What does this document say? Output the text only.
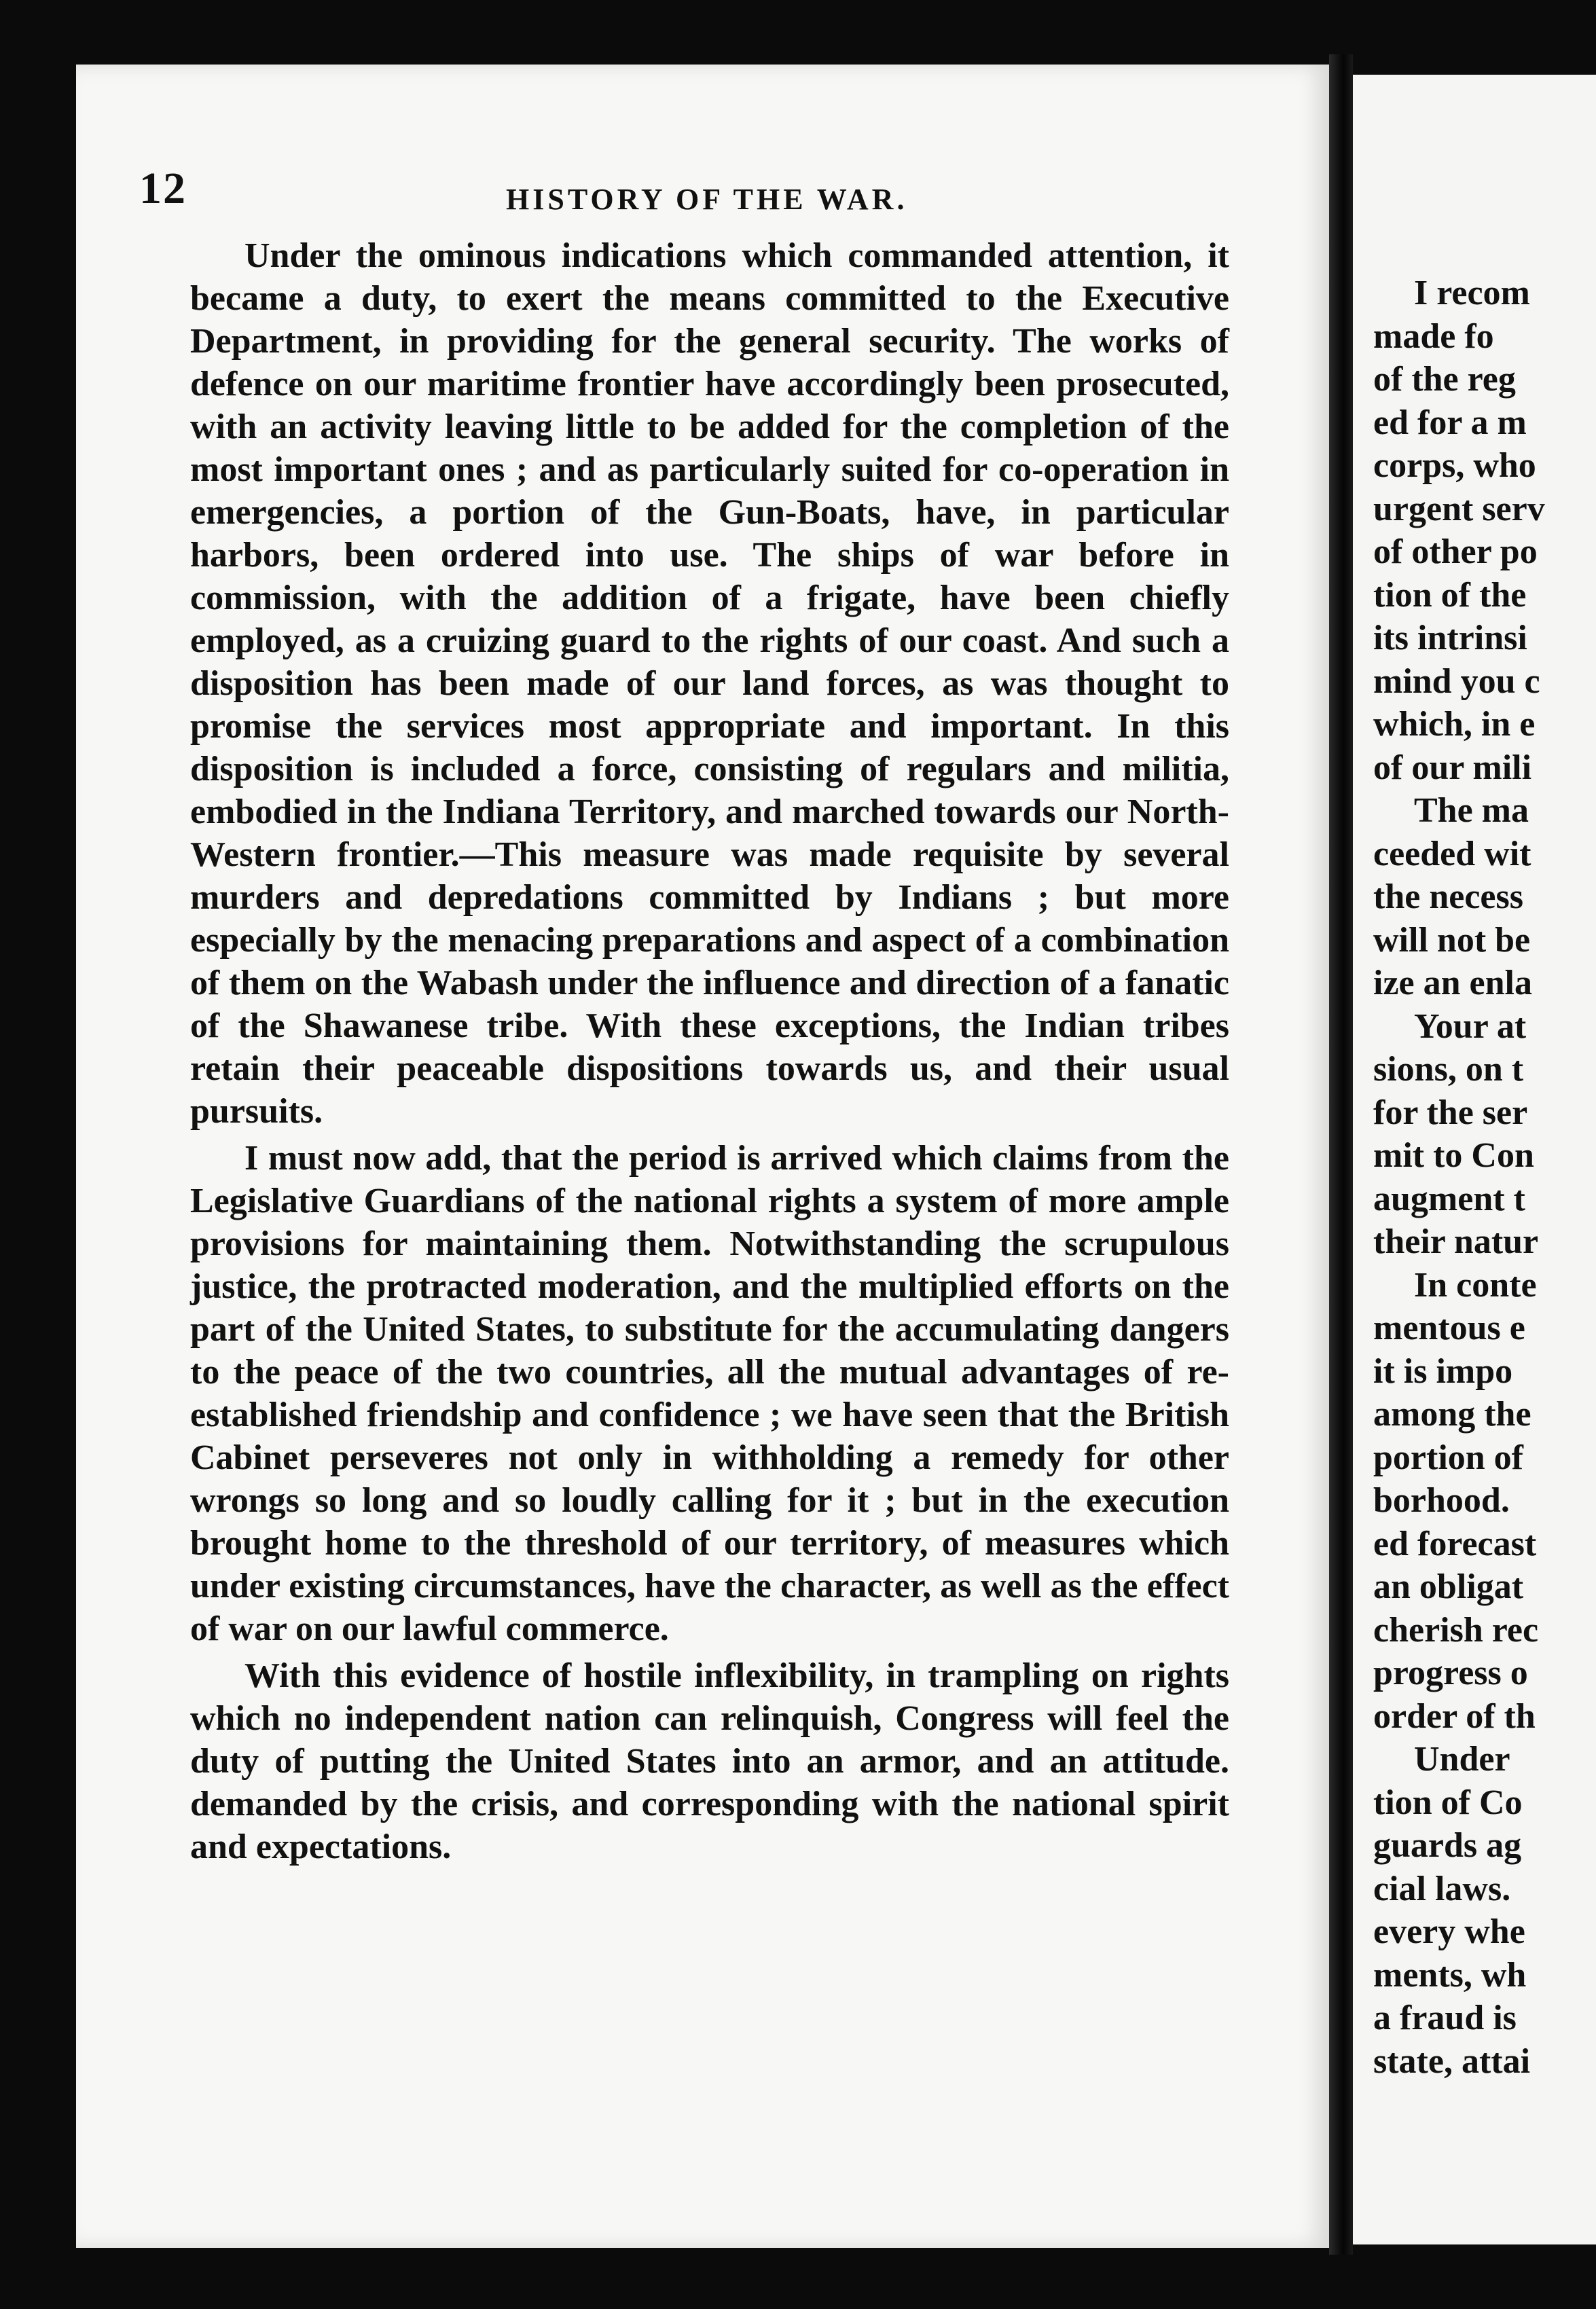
12	HISTORY OF THE WAR.

Under the ominous indications which commanded attention, it became a duty, to exert the means committed to the Executive Department, in providing for the general security. The works of defence on our maritime frontier have accordingly been prosecuted, with an activity leaving little to be added for the completion of the most important ones ; and as particularly suited for co-operation in emergencies, a portion of the Gun-Boats, have, in particular harbors, been ordered into use. The ships of war before in commission, with the addition of a frigate, have been chiefly employed, as a cruizing guard to the rights of our coast. And such a disposition has been made of our land forces, as was thought to promise the services most appropriate and important. In this disposition is included a force, consisting of regulars and militia, embodied in the Indiana Territory, and marched towards our North-Western frontier.—This measure was made requisite by several murders and depredations committed by Indians ; but more especially by the menacing preparations and aspect of a combination of them on the Wabash under the influence and direction of a fanatic of the Shawanese tribe. With these exceptions, the Indian tribes retain their peaceable dispositions towards us, and their usual pursuits.

I must now add, that the period is arrived which claims from the Legislative Guardians of the national rights a system of more ample provisions for maintaining them. Notwithstanding the scrupulous justice, the protracted moderation, and the multiplied efforts on the part of the United States, to substitute for the accumulating dangers to the peace of the two countries, all the mutual advantages of re-established friendship and confidence ; we have seen that the British Cabinet perseveres not only in withholding a remedy for other wrongs so long and so loudly calling for it ; but in the execution brought home to the threshold of our territory, of measures which under existing circumstances, have the character, as well as the effect of war on our lawful commerce.

With this evidence of hostile inflexibility, in trampling on rights which no independent nation can relinquish, Congress will feel the duty of putting the United States into an armor, and an attitude. demanded by the crisis, and corresponding with the national spirit and expectations.

I recom
made fo
of the reg
ed for a m
corps, who
urgent serv
of other po
tion of the
its intrinsi
mind you c
which, in e
of our mili
The ma
ceeded wit
the necess
will not be
ize an enla
Your at
sions, on t
for the ser
mit to Con
augment t
their natur
In conte
mentous e
it is impo
among the
portion of
borhood.
ed forecast
an obligat
cherish rec
progress o
order of th
Under
tion of Co
guards ag
cial laws.
every whe
ments, wh
a fraud is
state, attai
